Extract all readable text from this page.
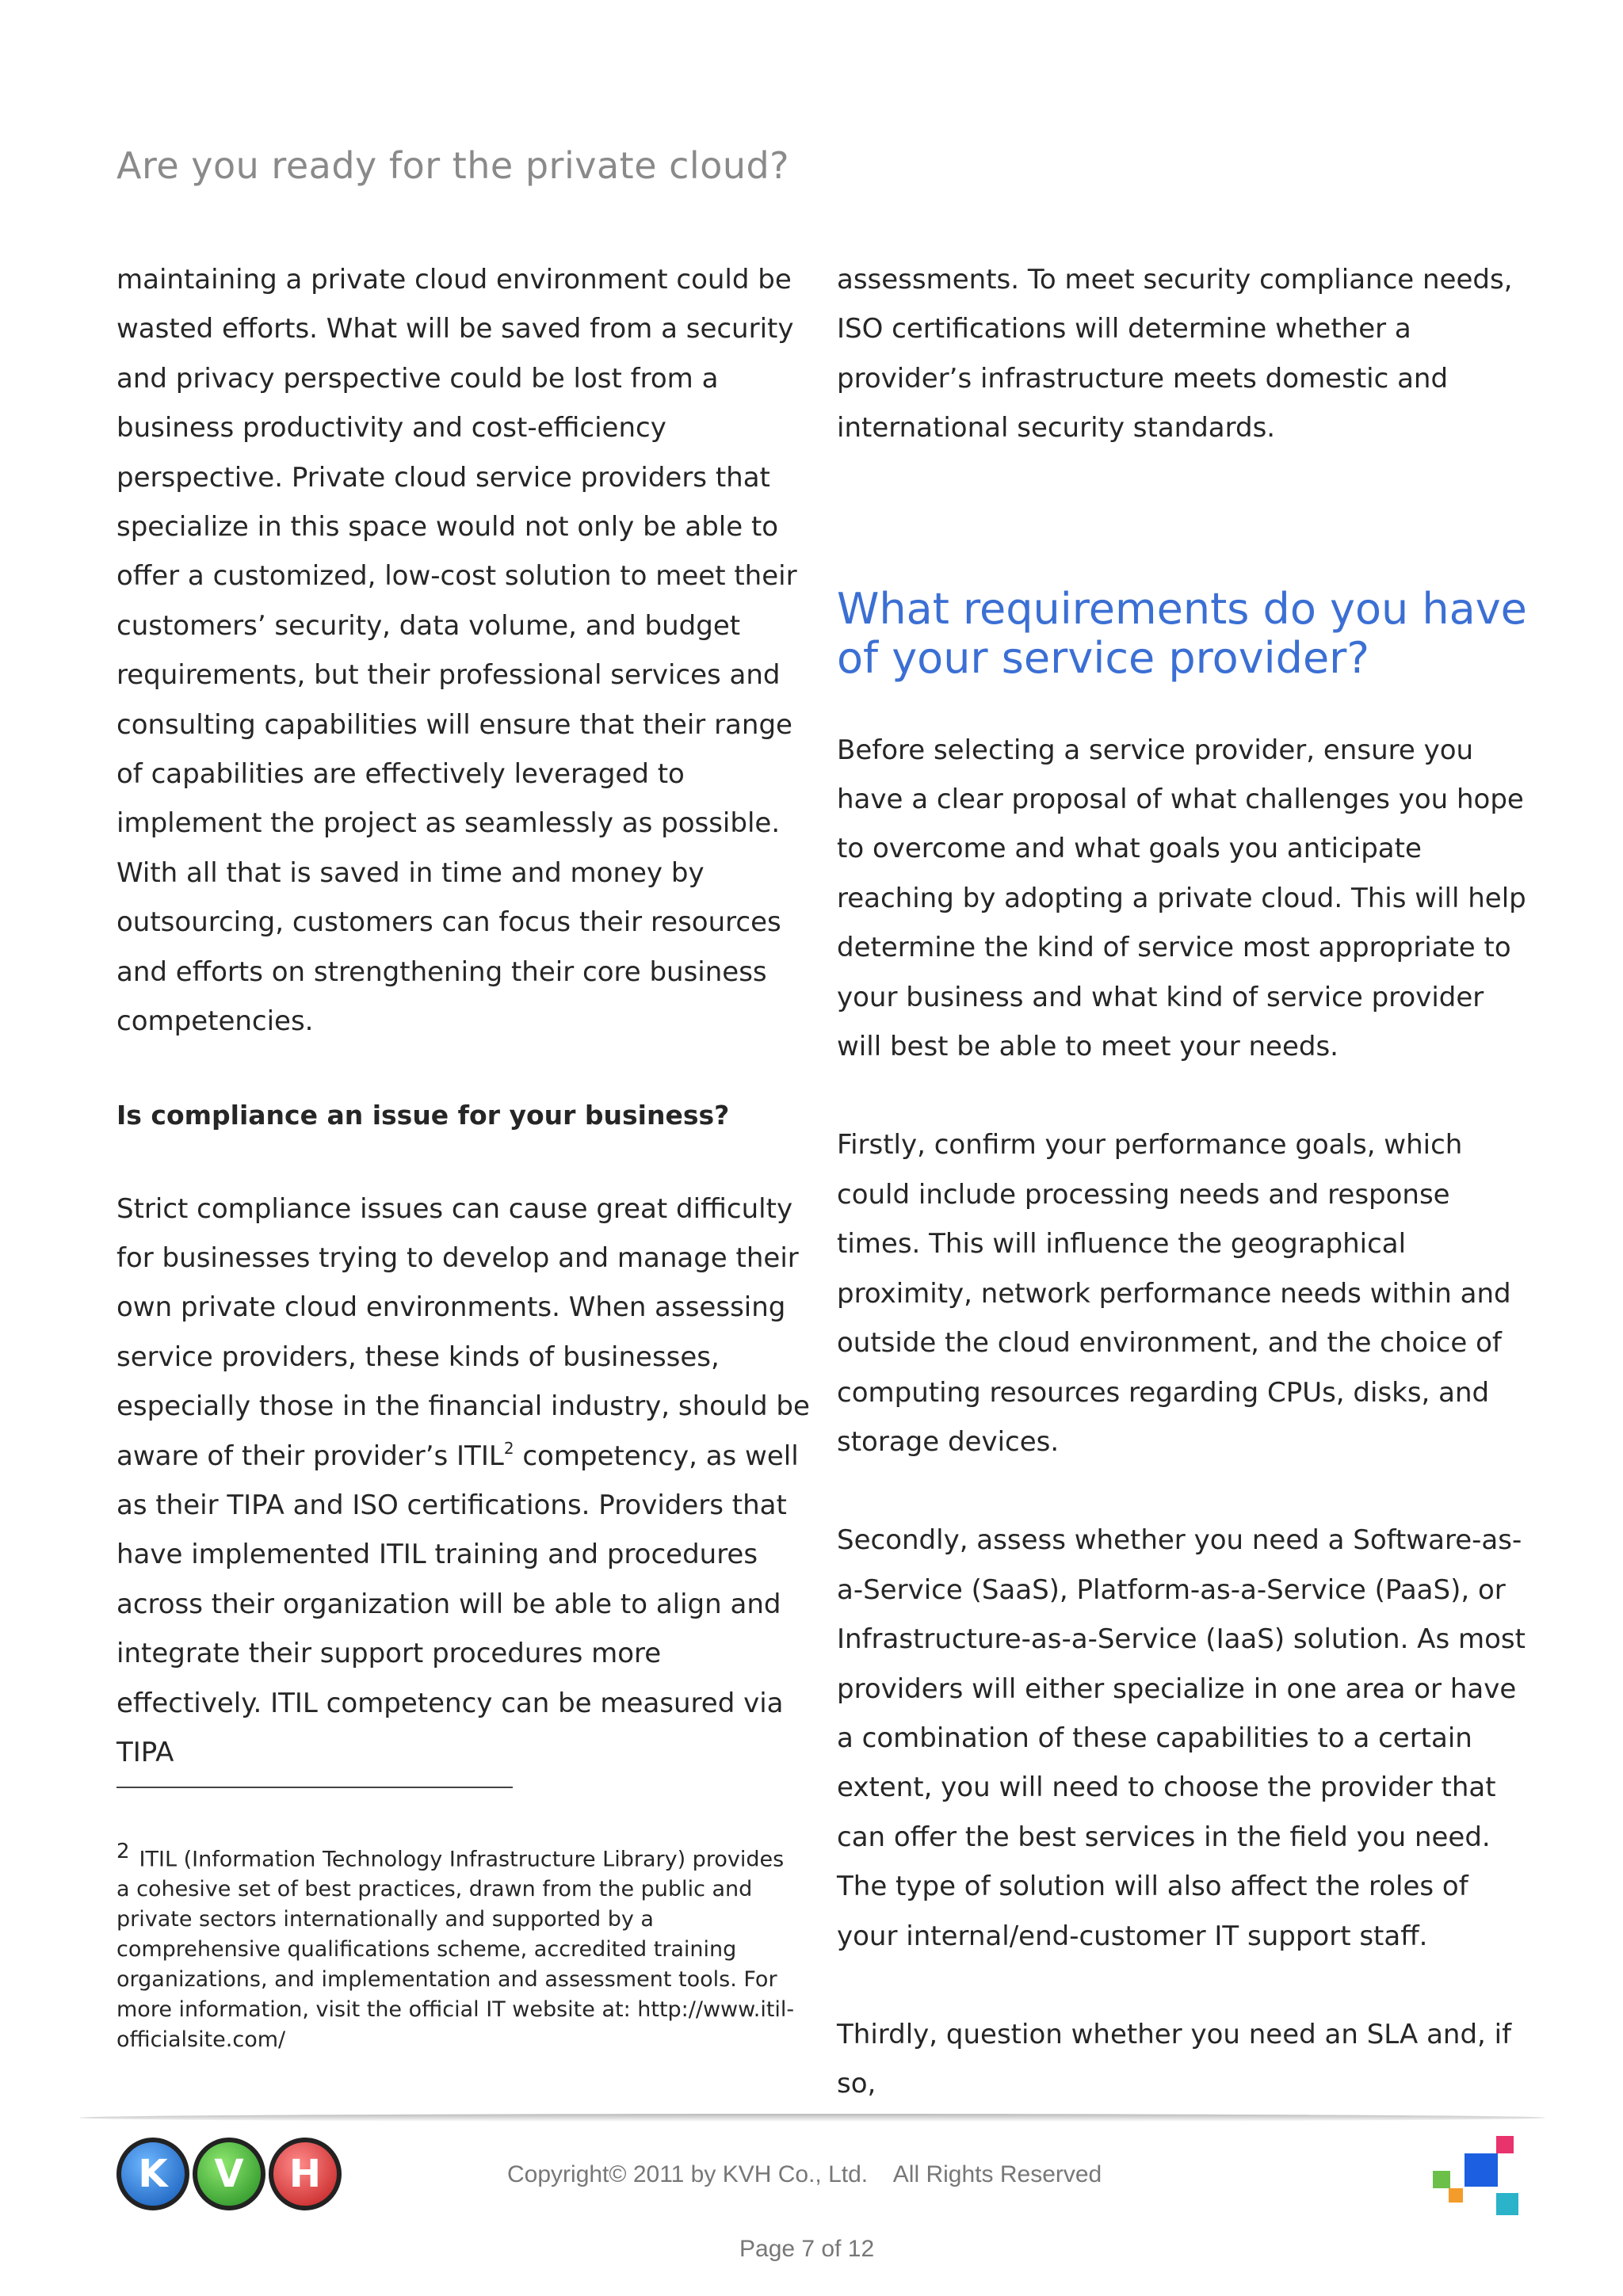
Are you ready for the private cloud?

maintaining a private cloud environment could be wasted efforts. What will be saved from a security and privacy perspective could be lost from a business productivity and cost-efficiency perspective. Private cloud service providers that specialize in this space would not only be able to offer a customized, low-cost solution to meet their customers’ security, data volume, and budget requirements, but their professional services and consulting capabilities will ensure that their range of capabilities are effectively leveraged to implement the project as seamlessly as possible. With all that is saved in time and money by outsourcing, customers can focus their resources and efforts on strengthening their core business competencies.

Is compliance an issue for your business?

Strict compliance issues can cause great difficulty for businesses trying to develop and manage their own private cloud environments. When assessing service providers, these kinds of businesses, especially those in the financial industry, should be aware of their provider’s ITIL$^2$ competency, as well as their TIPA and ISO certifications. Providers that have implemented ITIL training and procedures across their organization will be able to align and integrate their support procedures more effectively. ITIL competency can be measured via TIPA

assessments. To meet security compliance needs, ISO certifications will determine whether a provider’s infrastructure meets domestic and international security standards.

What requirements do you have of your service provider?

Before selecting a service provider, ensure you have a clear proposal of what challenges you hope to overcome and what goals you anticipate reaching by adopting a private cloud. This will help determine the kind of service most appropriate to your business and what kind of service provider will best be able to meet your needs.

Firstly, confirm your performance goals, which could include processing needs and response times. This will influence the geographical proximity, network performance needs within and outside the cloud environment, and the choice of computing resources regarding CPUs, disks, and storage devices.

Secondly, assess whether you need a Software-as-a-Service (SaaS), Platform-as-a-Service (PaaS), or Infrastructure-as-a-Service (IaaS) solution. As most providers will either specialize in one area or have a combination of these capabilities to a certain extent, you will need to choose the provider that can offer the best services in the field you need. The type of solution will also affect the roles of your internal/end-customer IT support staff.

Thirdly, question whether you need an SLA and, if so,

2 ITIL (Information Technology Infrastructure Library) provides a cohesive set of best practices, drawn from the public and private sectors internationally and supported by a comprehensive qualifications scheme, accredited training organizations, and implementation and assessment tools. For more information, visit the official IT website at: http://www.itil-officialsite.com/
K	V	H	Copyright© 2011 by KVH Co., Ltd.    All Rights Reserved
Page 7 of 12
